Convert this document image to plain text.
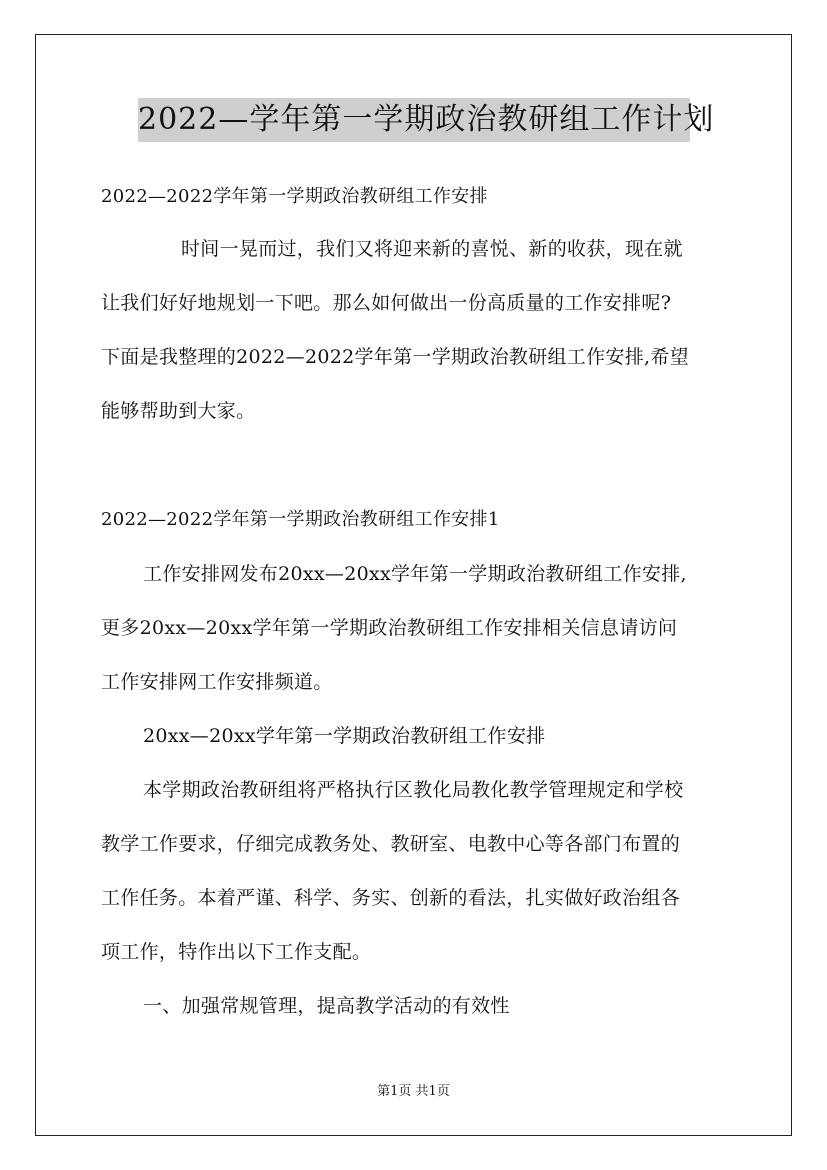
2022—学年第一学期政治教研组工作计划
2022—2022学年第一学期政治教研组工作安排
时间一晃而过，我们又将迎来新的喜悦、新的收获，现在就
让我们好好地规划一下吧。那么如何做出一份高质量的工作安排呢?
下面是我整理的2022—2022学年第一学期政治教研组工作安排,希望
能够帮助到大家。
2022—2022学年第一学期政治教研组工作安排1
工作安排网发布20xx—20xx学年第一学期政治教研组工作安排,
更多20xx—20xx学年第一学期政治教研组工作安排相关信息请访问
工作安排网工作安排频道。
20xx—20xx学年第一学期政治教研组工作安排
本学期政治教研组将严格执行区教化局教化教学管理规定和学校
教学工作要求，仔细完成教务处、教研室、电教中心等各部门布置的
工作任务。本着严谨、科学、务实、创新的看法，扎实做好政治组各
项工作，特作出以下工作支配。
一、加强常规管理，提高教学活动的有效性
第1页 共1页
